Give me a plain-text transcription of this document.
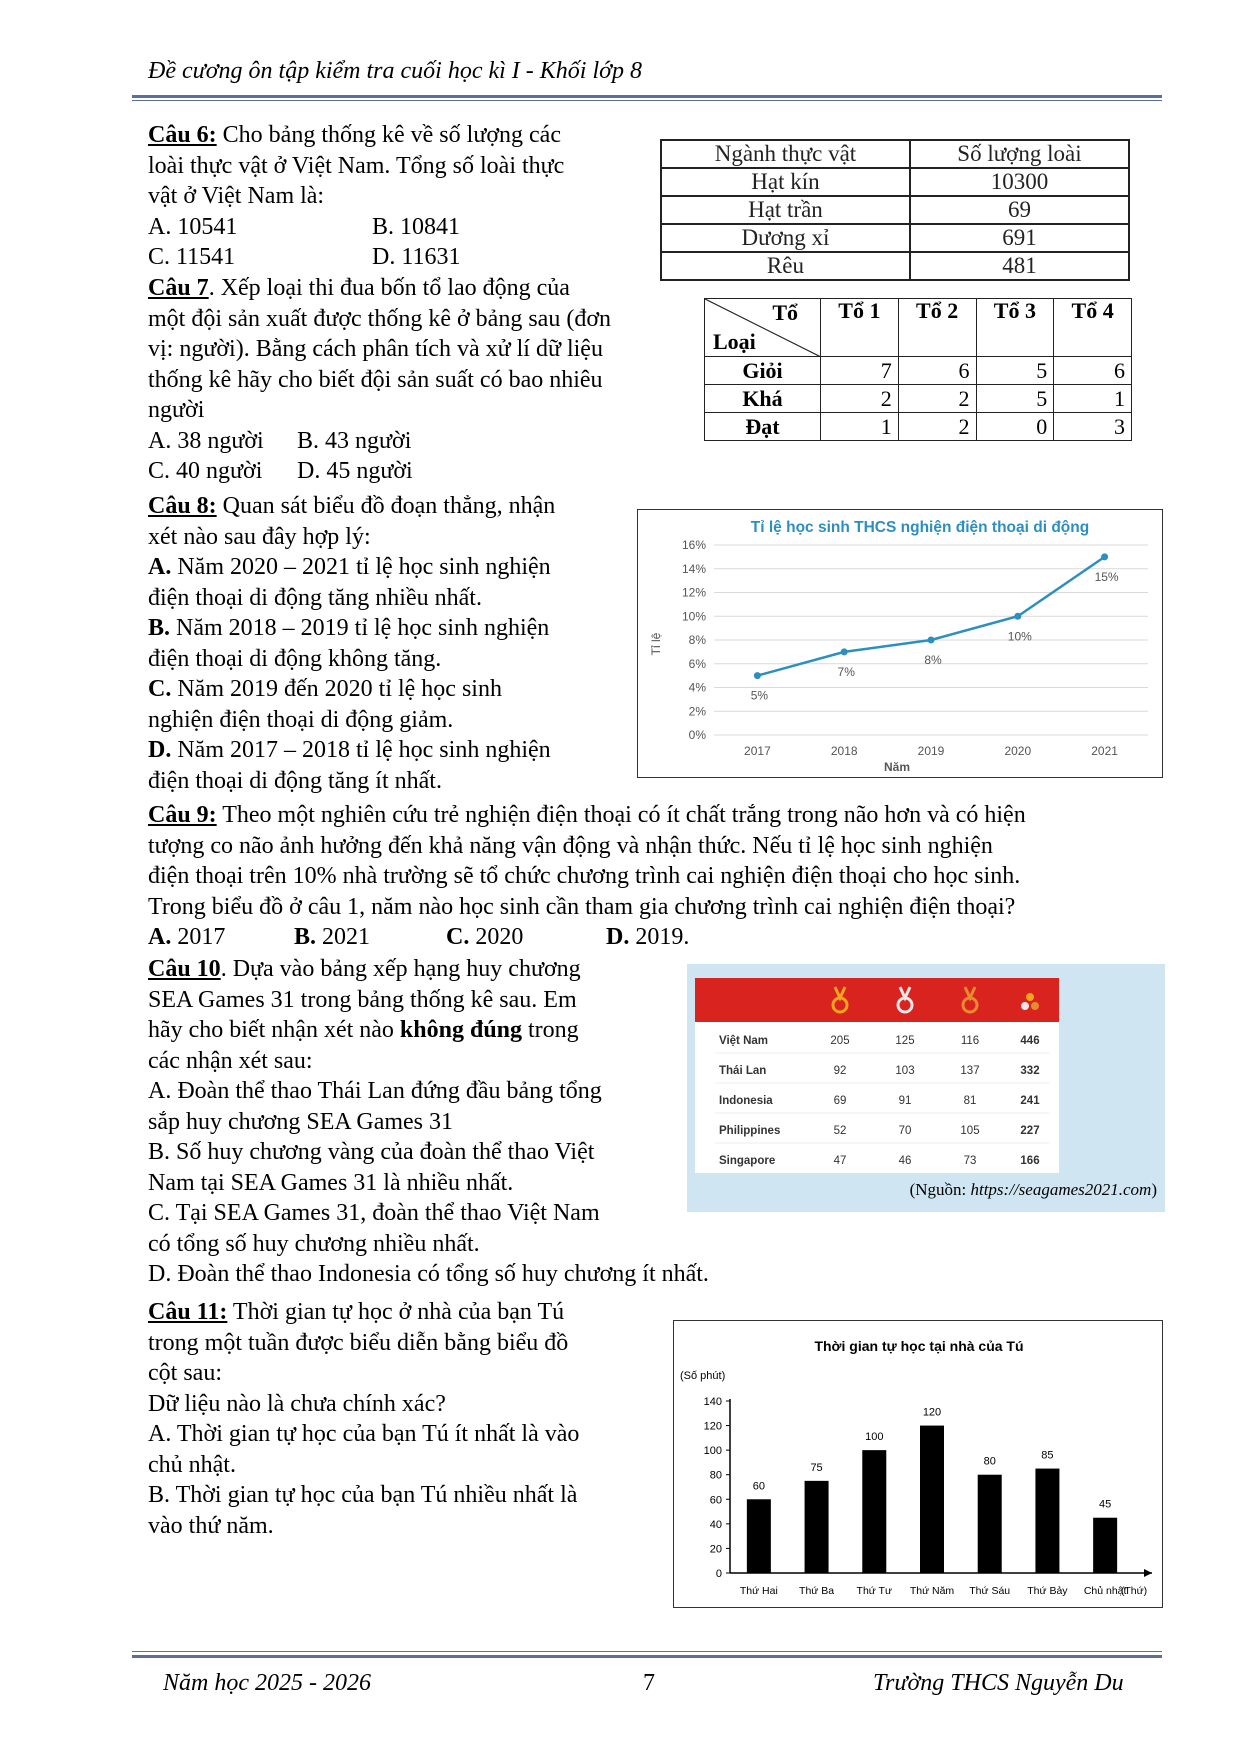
Đề cương ôn tập kiểm tra cuối học kì I - Khối lớp 8
Câu 6: Cho bảng thống kê về số lượng các
loài thực vật ở Việt Nam. Tổng số loài thực
vật ở Việt Nam là:
A. 10541	B. 10841
C. 11541	D. 11631
Ngành thực vật	Số lượng loài
Hạt kín	10300
Hạt trần	69
Dương xỉ	691
Rêu	481
Câu 7. Xếp loại thi đua bốn tổ lao động của
một đội sản xuất được thống kê ở bảng sau (đơn
vị: người). Bằng cách phân tích và xử lí dữ liệu
thống kê hãy cho biết đội sản suất có bao nhiêu
người
A. 38 người B. 43 người
C. 40 người D. 45 người
Tổ
Loại	Tổ 1	Tổ 2	Tổ 3	Tổ 4
Giỏi	7	6	5	6
Khá	2	2	5	1
Đạt	1	2	0	3
Câu 8: Quan sát biểu đồ đoạn thẳng, nhận
xét nào sau đây hợp lý:
A. Năm 2020 – 2021 tỉ lệ học sinh nghiện
điện thoại di động tăng nhiều nhất.
B. Năm 2018 – 2019 tỉ lệ học sinh nghiện
điện thoại di động không tăng.
C. Năm 2019 đến 2020 tỉ lệ học sinh
nghiện điện thoại di động giảm.
D. Năm 2017 – 2018 tỉ lệ học sinh nghiện
điện thoại di động tăng ít nhất.
Tỉ lệ học sinh THCS nghiện điện thoại di động
Tỉ lệ
Năm
0%
2%
4%
6%
8%
10%
12%
14%
16%
2017	2018	2019	2020	2021
5%
7%
8%
10%
15%
Câu 9: Theo một nghiên cứu trẻ nghiện điện thoại có ít chất trắng trong não hơn và có hiện
tượng co não ảnh hưởng đến khả năng vận động và nhận thức. Nếu tỉ lệ học sinh nghiện
điện thoại trên 10% nhà trường sẽ tổ chức chương trình cai nghiện điện thoại cho học sinh.
Trong biểu đồ ở câu 1, năm nào học sinh cần tham gia chương trình cai nghiện điện thoại?
A. 2017	B. 2021	C. 2020	D. 2019.
Câu 10. Dựa vào bảng xếp hạng huy chương
SEA Games 31 trong bảng thống kê sau. Em
hãy cho biết nhận xét nào không đúng trong
các nhận xét sau:
A. Đoàn thể thao Thái Lan đứng đầu bảng tổng
sắp huy chương SEA Games 31
B. Số huy chương vàng của đoàn thể thao Việt
Nam tại SEA Games 31 là nhiều nhất.
C. Tại SEA Games 31, đoàn thể thao Việt Nam
có tổng số huy chương nhiều nhất.
D. Đoàn thể thao Indonesia có tổng số huy chương ít nhất.
Việt Nam	205	125	116	446
Thái Lan	92	103	137	332
Indonesia	69	91	81	241
Philippines	52	70	105	227
Singapore	47	46	73	166
(Nguồn: https://seagames2021.com)
Câu 11: Thời gian tự học ở nhà của bạn Tú
trong một tuần được biểu diễn bằng biểu đồ
cột sau:
Dữ liệu nào là chưa chính xác?
A. Thời gian tự học của bạn Tú ít nhất là vào
chủ nhật.
B. Thời gian tự học của bạn Tú nhiều nhất là
vào thứ năm.
Thời gian tự học tại nhà của Tú
(Số phút)
(Thứ)
0
20
40
60
80
100
120
140
60
75
100
120
80
85
45
Thứ Hai Thứ Ba Thứ Tư Thứ Năm Thứ Sáu Thứ Bảy Chủ nhật
Năm học 2025 - 2026	7	Trường THCS Nguyễn Du
